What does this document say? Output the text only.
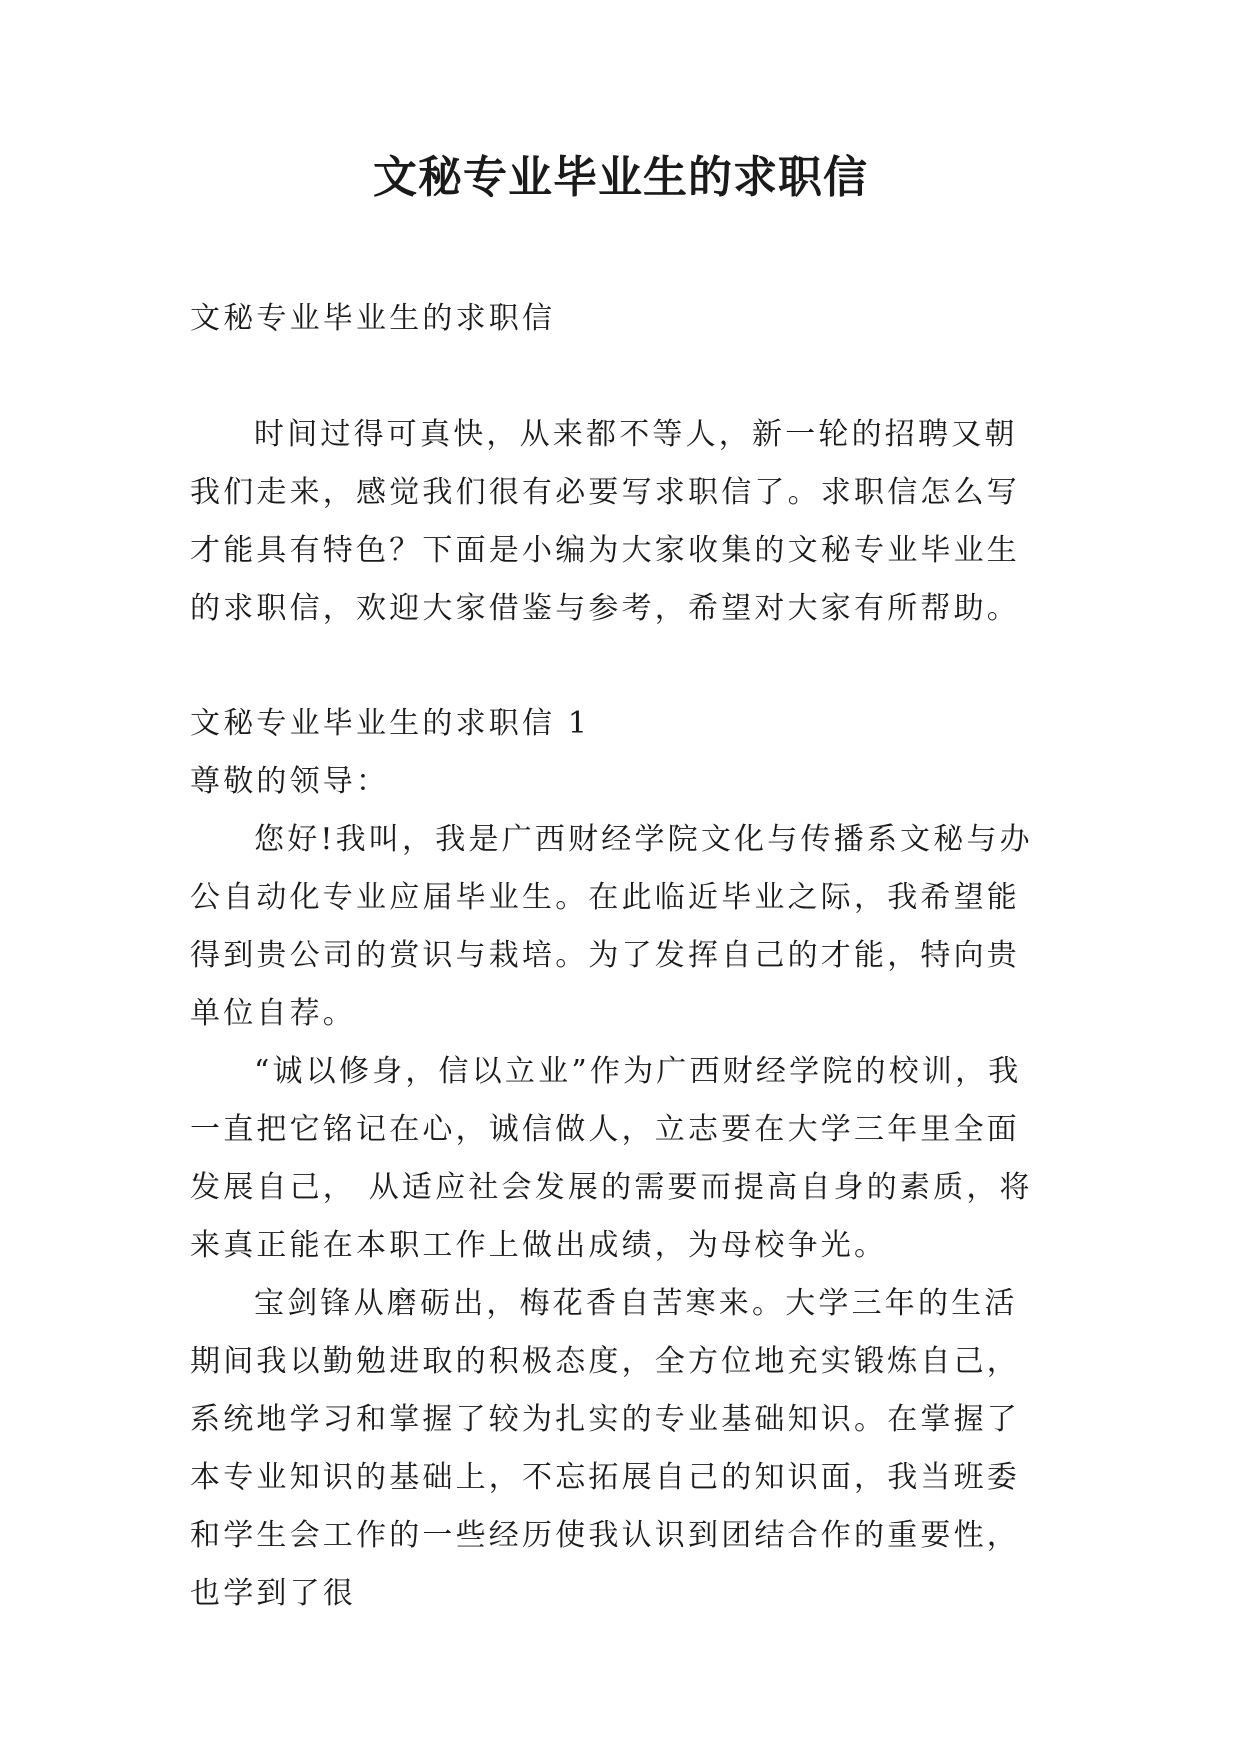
文秘专业毕业生的求职信
文秘专业毕业生的求职信

时间过得可真快，从来都不等人，新一轮的招聘又朝我们走来，感觉我们很有必要写求职信了。求职信怎么写才能具有特色？下面是小编为大家收集的文秘专业毕业生的求职信，欢迎大家借鉴与参考，希望对大家有所帮助。

文秘专业毕业生的求职信 1

尊敬的领导：

您好!我叫，我是广西财经学院文化与传播系文秘与办公自动化专业应届毕业生。在此临近毕业之际，我希望能得到贵公司的赏识与栽培。为了发挥自己的才能，特向贵单位自荐。

“诚以修身，信以立业”作为广西财经学院的校训，我一直把它铭记在心，诚信做人，立志要在大学三年里全面发展自己， 从适应社会发展的需要而提高自身的素质，将来真正能在本职工作上做出成绩，为母校争光。

宝剑锋从磨砺出，梅花香自苦寒来。大学三年的生活期间我以勤勉进取的积极态度，全方位地充实锻炼自己，系统地学习和掌握了较为扎实的专业基础知识。在掌握了本专业知识的基础上，不忘拓展自己的知识面，我当班委和学生会工作的一些经历使我认识到团结合作的重要性，也学到了很
